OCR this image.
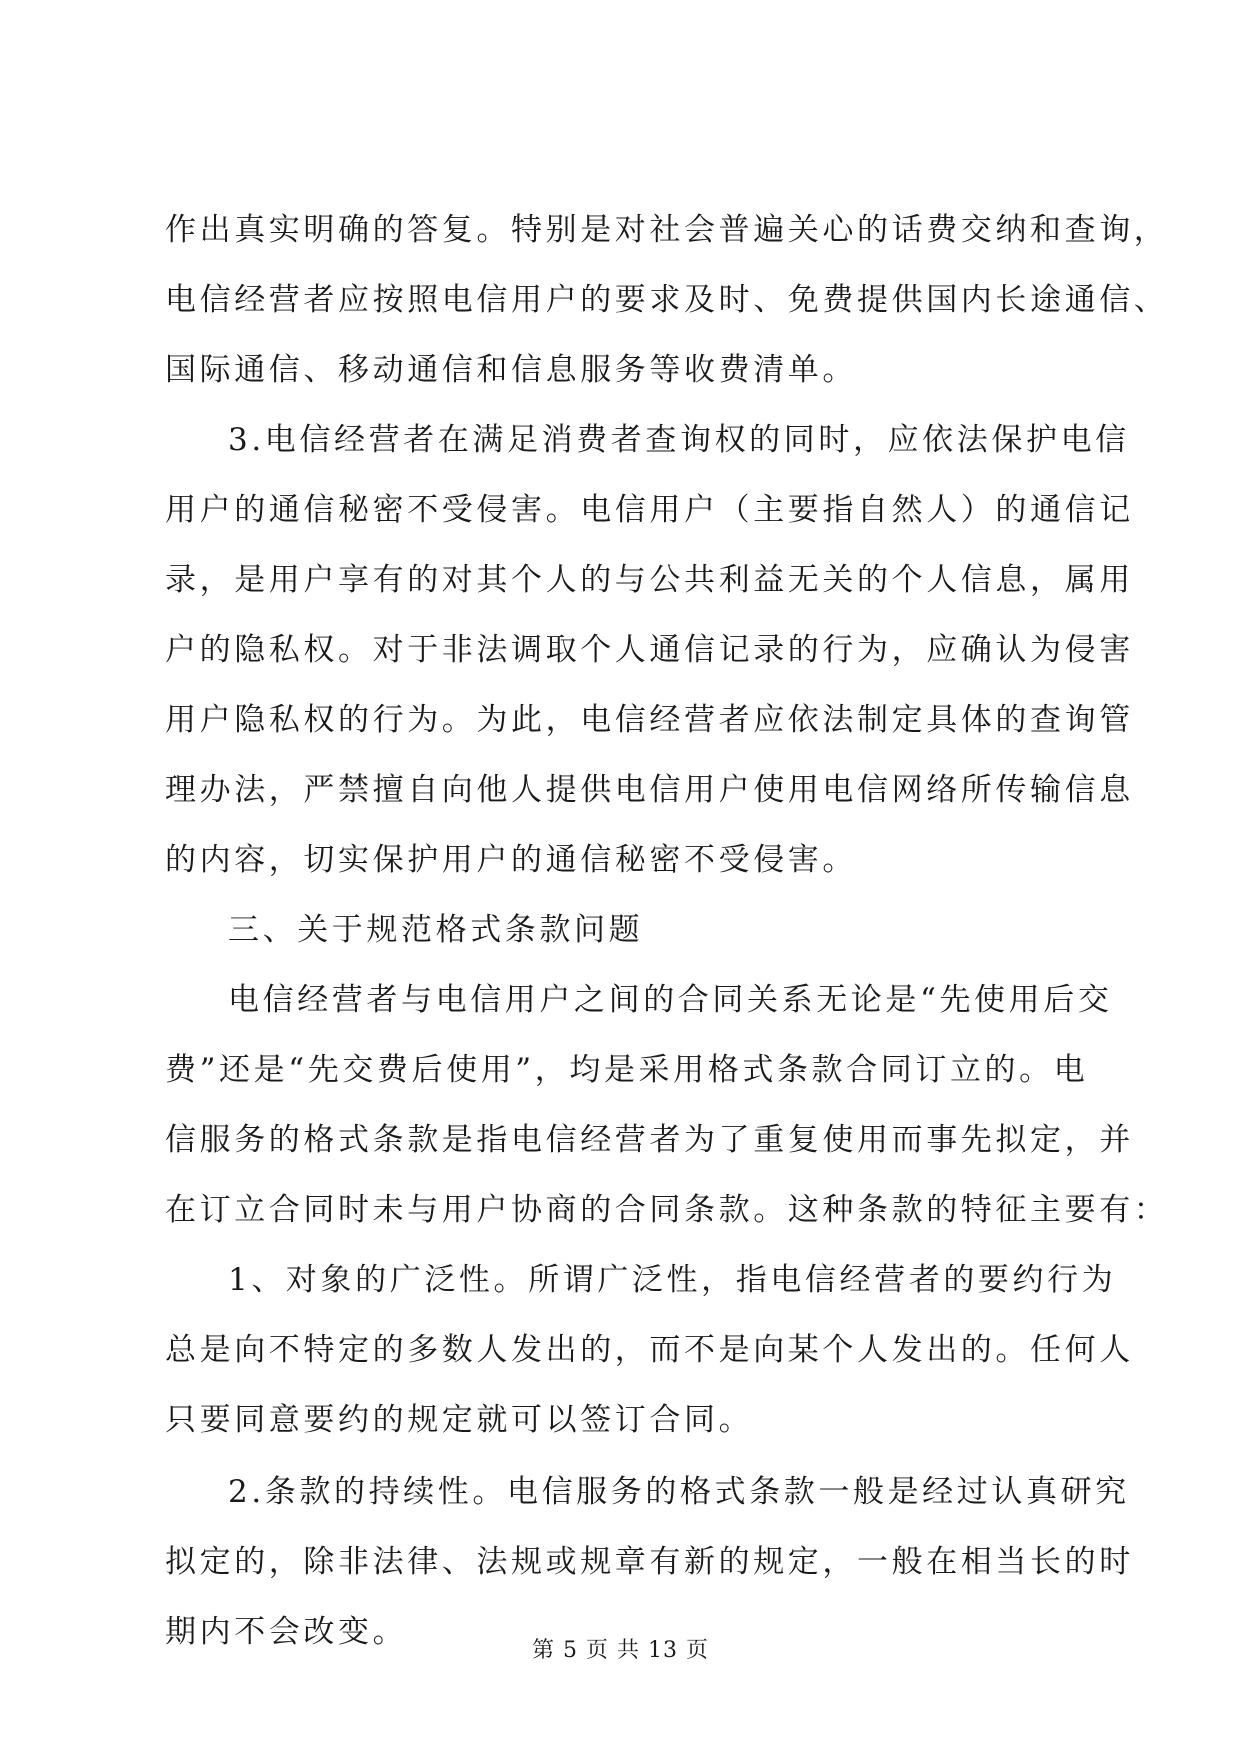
作出真实明确的答复。特别是对社会普遍关心的话费交纳和查询，
电信经营者应按照电信用户的要求及时、免费提供国内长途通信、
国际通信、移动通信和信息服务等收费清单。
3.电信经营者在满足消费者查询权的同时，应依法保护电信
用户的通信秘密不受侵害。电信用户（主要指自然人）的通信记
录，是用户享有的对其个人的与公共利益无关的个人信息，属用
户的隐私权。对于非法调取个人通信记录的行为，应确认为侵害
用户隐私权的行为。为此，电信经营者应依法制定具体的查询管
理办法，严禁擅自向他人提供电信用户使用电信网络所传输信息
的内容，切实保护用户的通信秘密不受侵害。
三、关于规范格式条款问题
电信经营者与电信用户之间的合同关系无论是“先使用后交
费”还是“先交费后使用”，均是采用格式条款合同订立的。电
信服务的格式条款是指电信经营者为了重复使用而事先拟定，并
在订立合同时未与用户协商的合同条款。这种条款的特征主要有：
1、对象的广泛性。所谓广泛性，指电信经营者的要约行为
总是向不特定的多数人发出的，而不是向某个人发出的。任何人
只要同意要约的规定就可以签订合同。
2.条款的持续性。电信服务的格式条款一般是经过认真研究
拟定的，除非法律、法规或规章有新的规定，一般在相当长的时
期内不会改变。
第 5 页 共 13 页
